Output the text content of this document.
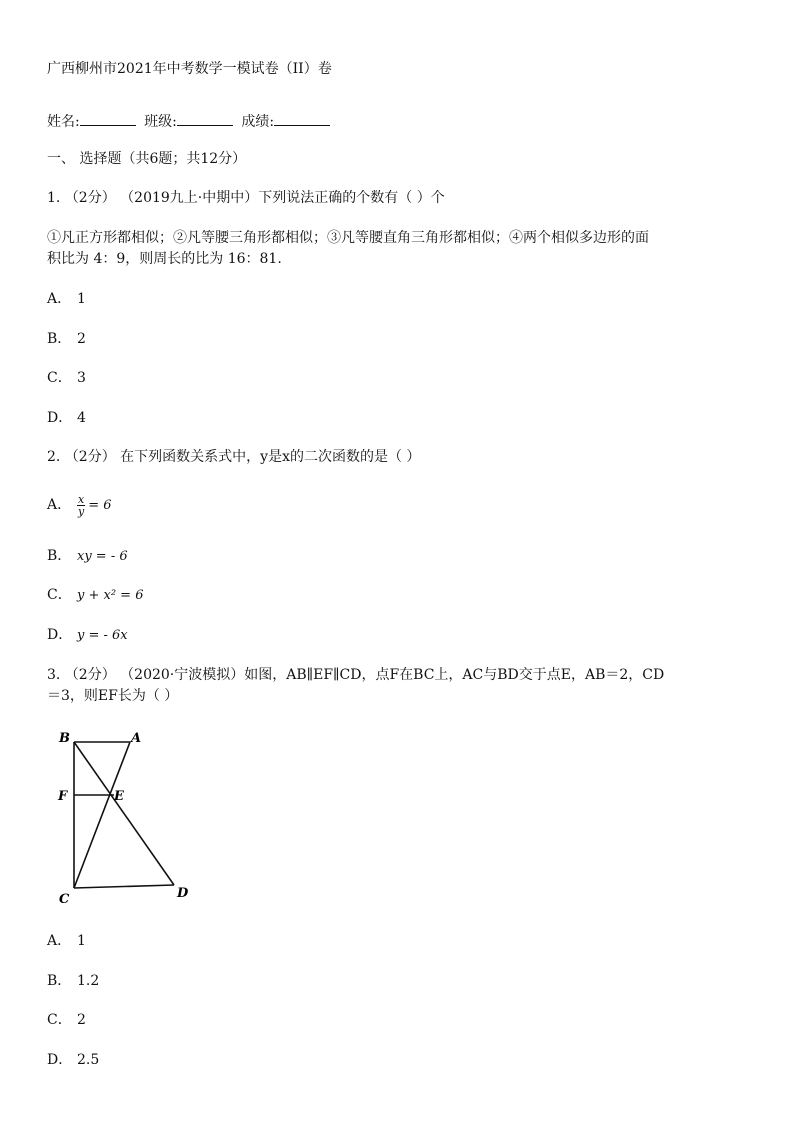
广西柳州市2021年中考数学一模试卷（II）卷
姓名:	班级:	成绩:
一、 选择题（共6题；共12分）
1. （2分） （2019九上·中期中）下列说法正确的个数有（ ）个
①凡正方形都相似；②凡等腰三角形都相似；③凡等腰直角三角形都相似；④两个相似多边形的面
积比为 4：9，则周长的比为 16：81.
A． 1
B． 2
C． 3
D． 4
2. （2分） 在下列函数关系式中，y是x的二次函数的是（ ）
A． $\frac{x}{y} = 6$
B． xy = - 6
C． y + x² = 6
D． y = - 6x
3. （2分） （2020·宁波模拟）如图，AB∥EF∥CD，点F在BC上，AC与BD交于点E，AB＝2，CD
＝3，则EF长为（ ）
B	A
F	E
C	D
A． 1
B． 1.2
C． 2
D． 2.5
